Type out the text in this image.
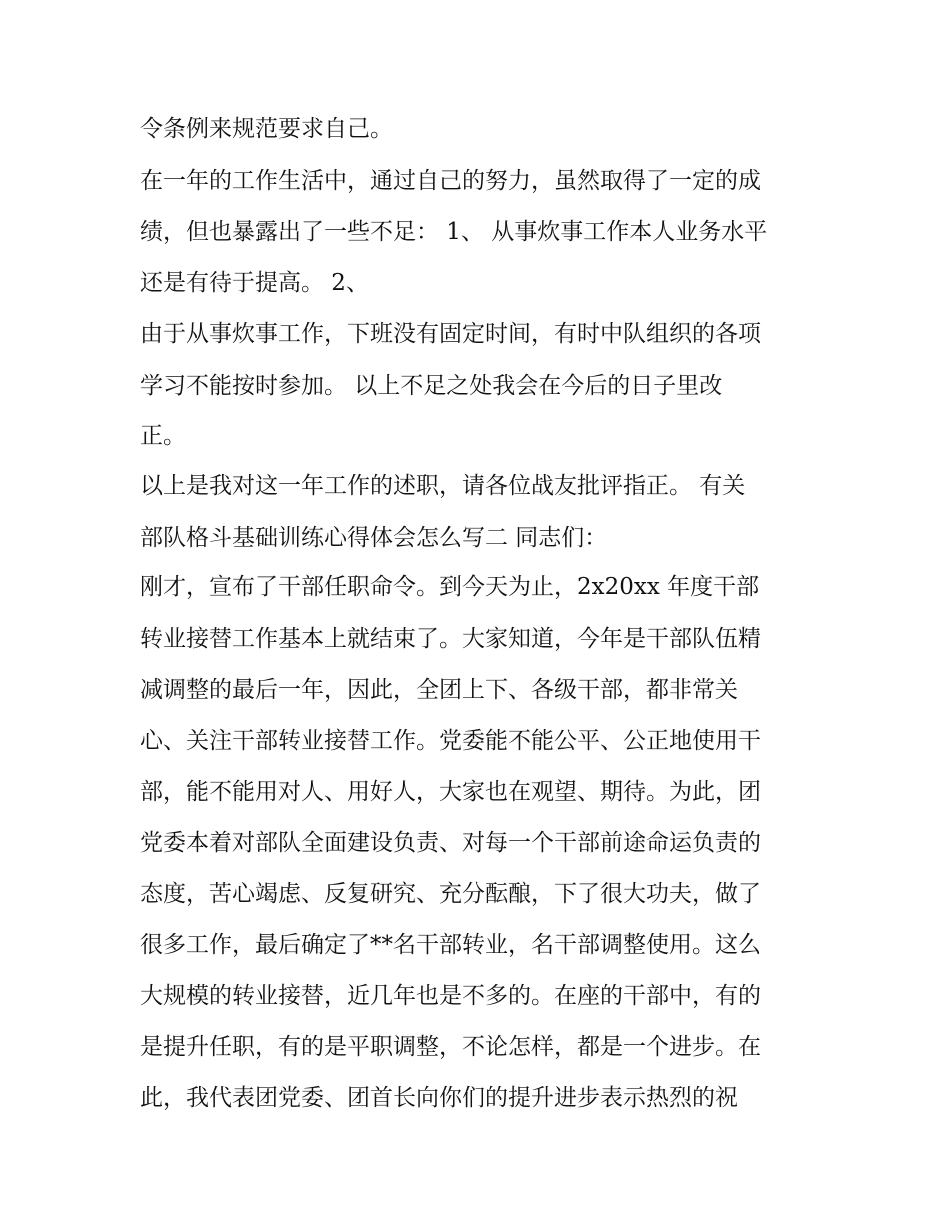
令条例来规范要求自己。
在一年的工作生活中，通过自己的努力，虽然取得了一定的成
绩，但也暴露出了一些不足： 1、 从事炊事工作本人业务水平
还是有待于提高。 2、
由于从事炊事工作，下班没有固定时间，有时中队组织的各项
学习不能按时参加。 以上不足之处我会在今后的日子里改
正。
以上是我对这一年工作的述职，请各位战友批评指正。 有关
部队格斗基础训练心得体会怎么写二 同志们：
刚才，宣布了干部任职命令。到今天为止，2x20xx 年度干部
转业接替工作基本上就结束了。大家知道，今年是干部队伍精
减调整的最后一年，因此，全团上下、各级干部，都非常关
心、关注干部转业接替工作。党委能不能公平、公正地使用干
部，能不能用对人、用好人，大家也在观望、期待。为此，团
党委本着对部队全面建设负责、对每一个干部前途命运负责的
态度，苦心竭虑、反复研究、充分酝酿，下了很大功夫，做了
很多工作，最后确定了**名干部转业，名干部调整使用。这么
大规模的转业接替，近几年也是不多的。在座的干部中，有的
是提升任职，有的是平职调整，不论怎样，都是一个进步。在
此，我代表团党委、团首长向你们的提升进步表示热烈的祝
